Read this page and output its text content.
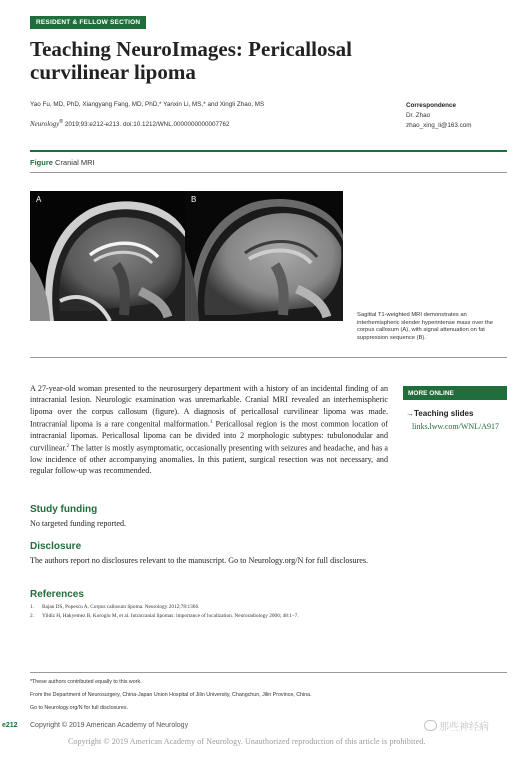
RESIDENT & FELLOW SECTION
Teaching NeuroImages: Pericallosal curvilinear lipoma
Yao Fu, MD, PhD, Xiangyang Fang, MD, PhD,* Yanxin Li, MS,* and Xingli Zhao, MS
Neurology® 2019;93:e212-e213. doi:10.1212/WNL.0000000000007762
Correspondence
Dr. Zhao
zhao_xing_li@163.com
Figure Cranial MRI
A	B
Sagittal T1-weighted MRI demonstrates an interhemispheric slender hyperintense mass over the corpus callosum (A), with signal attenuation on fat suppression sequence (B).
A 27-year-old woman presented to the neurosurgery department with a history of an incidental finding of an intracranial lesion. Neurologic examination was unremarkable. Cranial MRI revealed an interhemispheric lipoma over the corpus callosum (figure). A diagnosis of pericallosal curvilinear lipoma was made. Intracranial lipoma is a rare congenital malformation.$^1$ Pericallosal region is the most common location of intracranial lipomas. Pericallosal lipoma can be divided into 2 morphologic subtypes: tubulonodular and curvilinear.$^2$ The latter is mostly asymptomatic, occasionally presenting with seizures and headache, and has a low incidence of other accompanying anomalies. In this patient, surgical resection was not necessary, and regular follow-up was recommended.
MORE ONLINE
→Teaching slides
links.lww.com/WNL/A917
Study funding

No targeted funding reported.

Disclosure

The authors report no disclosures relevant to the manuscript. Go to Neurology.org/N for full disclosures.

References
1. Rajan DS, Popescu A. Corpus callosum lipoma. Neurology 2012;78:1366.
2. Yildiz H, Hakyemez B, Koroglu M, et al. Intracranial lipomas: importance of localization. Neuroradiology 2006; 48:1–7.

*These authors contributed equally to this work.

From the Department of Neurosurgery, China-Japan Union Hospital of Jilin University, Changchun, Jilin Province, China.

Go to Neurology.org/N for full disclosures.

e212 Copyright © 2019 American Academy of Neurology	那些神经病
Copyright © 2019 American Academy of Neurology. Unauthorized reproduction of this article is prohibited.
